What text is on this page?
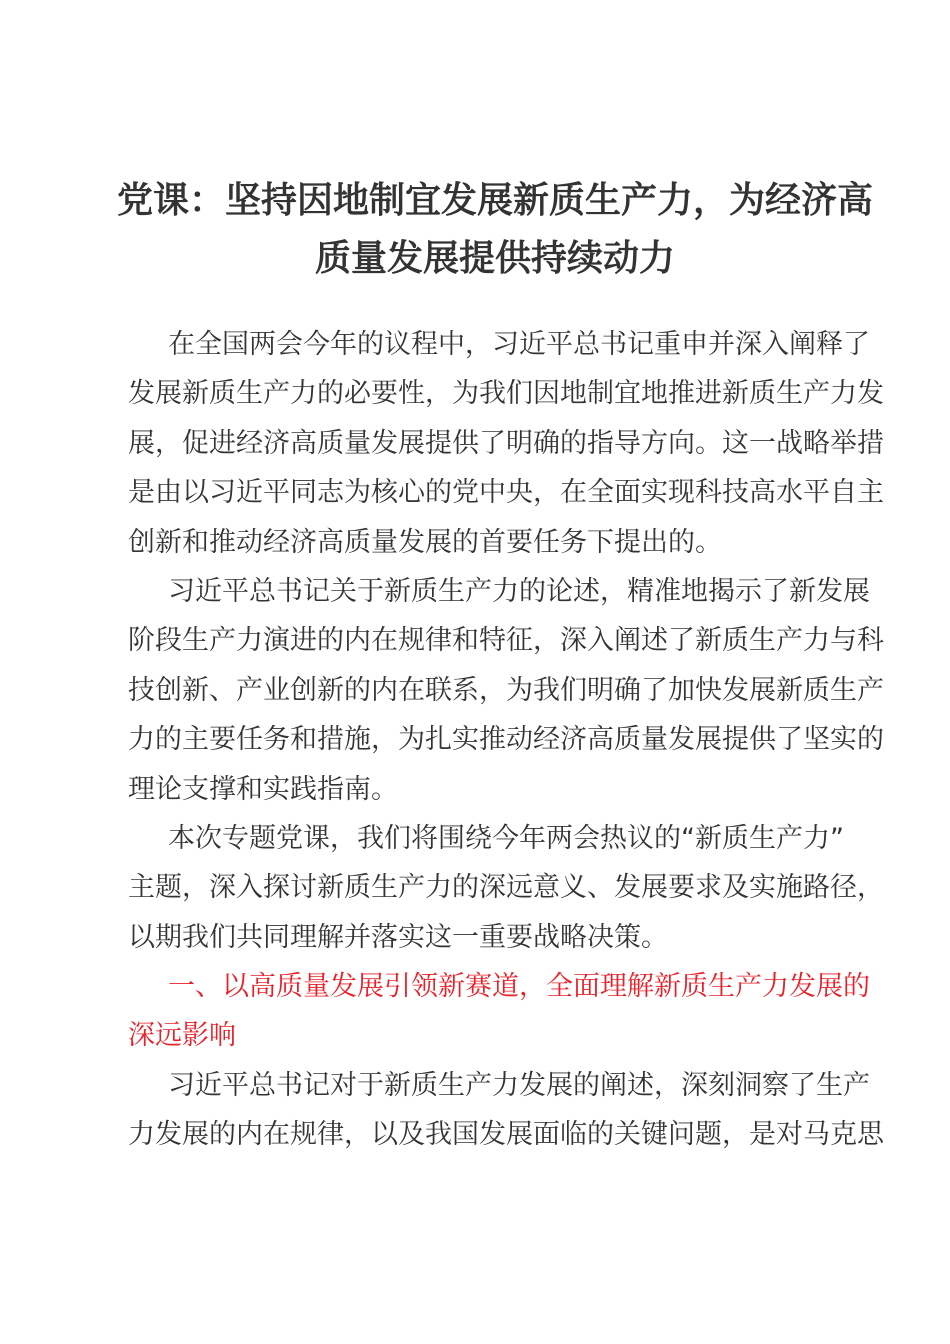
党课：坚持因地制宜发展新质生产力，为经济高
质量发展提供持续动力
在全国两会今年的议程中，习近平总书记重申并深入阐释了
发展新质生产力的必要性，为我们因地制宜地推进新质生产力发
展，促进经济高质量发展提供了明确的指导方向。这一战略举措
是由以习近平同志为核心的党中央，在全面实现科技高水平自主
创新和推动经济高质量发展的首要任务下提出的。
习近平总书记关于新质生产力的论述，精准地揭示了新发展
阶段生产力演进的内在规律和特征，深入阐述了新质生产力与科
技创新、产业创新的内在联系，为我们明确了加快发展新质生产
力的主要任务和措施，为扎实推动经济高质量发展提供了坚实的
理论支撑和实践指南。
本次专题党课，我们将围绕今年两会热议的“新质生产力”
主题，深入探讨新质生产力的深远意义、发展要求及实施路径，
以期我们共同理解并落实这一重要战略决策。
一、以高质量发展引领新赛道，全面理解新质生产力发展的
深远影响
习近平总书记对于新质生产力发展的阐述，深刻洞察了生产
力发展的内在规律，以及我国发展面临的关键问题，是对马克思
